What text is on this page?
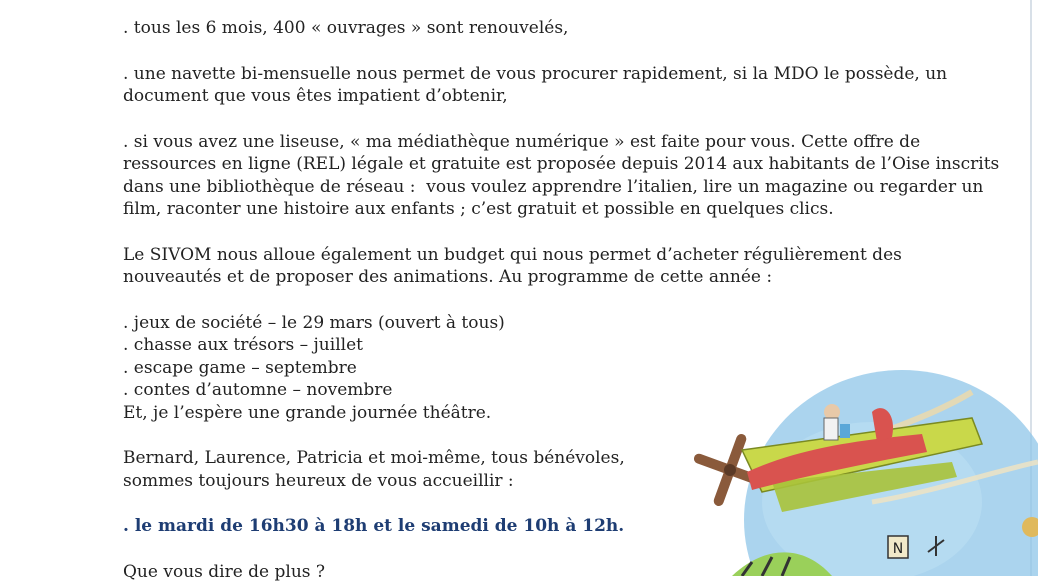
. tous les 6 mois, 400 « ouvrages » sont renouvelés,

. une navette bi-mensuelle nous permet de vous procurer rapidement, si la MDO le possède, un

document que vous êtes impatient d’obtenir,

. si vous avez une liseuse, « ma médiathèque numérique » est faite pour vous. Cette offre de

ressources en ligne (REL) légale et gratuite est proposée depuis 2014 aux habitants de l’Oise inscrits

dans une bibliothèque de réseau :  vous voulez apprendre l’italien, lire un magazine ou regarder un

film, raconter une histoire aux enfants ; c’est gratuit et possible en quelques clics.

Le SIVOM nous alloue également un budget qui nous permet d’acheter régulièrement des

nouveautés et de proposer des animations. Au programme de cette année :

. jeux de société – le 29 mars (ouvert à tous)

. chasse aux trésors – juillet

. escape game – septembre

. contes d’automne – novembre

Et, je l’espère une grande journée théâtre.

Bernard, Laurence, Patricia et moi-même, tous bénévoles,

sommes toujours heureux de vous accueillir :

. le mardi de 16h30 à 18h et le samedi de 10h à 12h.

Que vous dire de plus ?

N
